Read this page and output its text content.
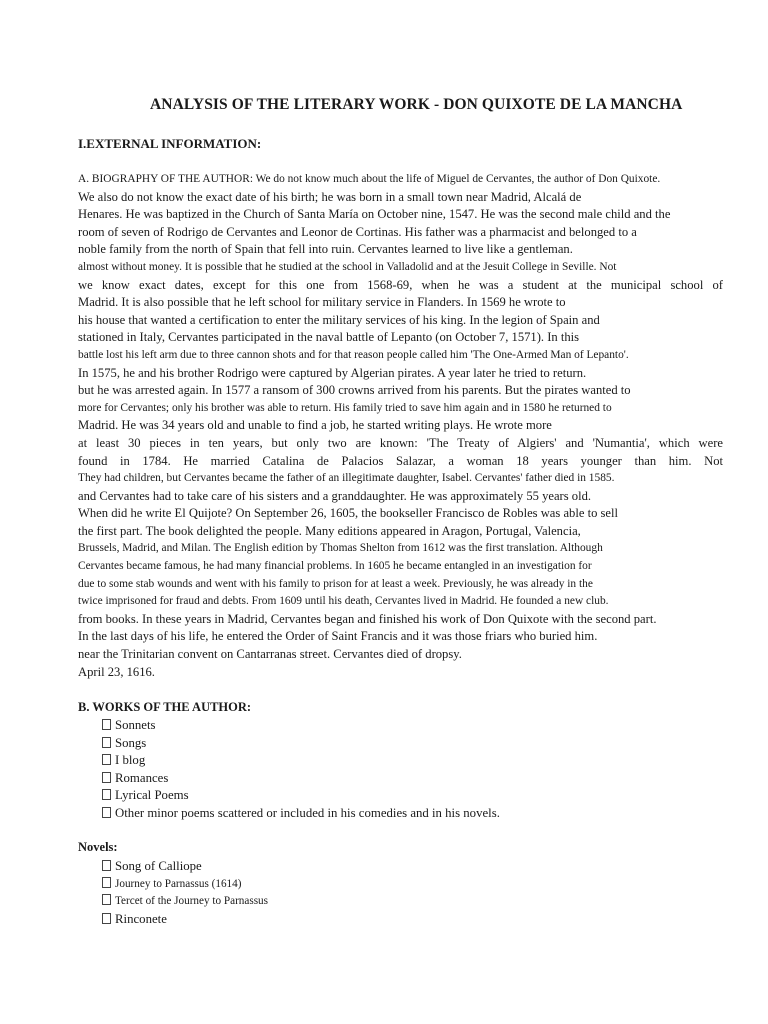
ANALYSIS OF THE LITERARY WORK - DON QUIXOTE DE LA MANCHA
I.EXTERNAL INFORMATION:
A. BIOGRAPHY OF THE AUTHOR: We do not know much about the life of Miguel de Cervantes, the author of Don Quixote.
We also do not know the exact date of his birth; he was born in a small town near Madrid, Alcalá de
Henares. He was baptized in the Church of Santa María on October nine, 1547. He was the second male child and the
room of seven of Rodrigo de Cervantes and Leonor de Cortinas. His father was a pharmacist and belonged to a
noble family from the north of Spain that fell into ruin. Cervantes learned to live like a gentleman.
almost without money. It is possible that he studied at the school in Valladolid and at the Jesuit College in Seville. Not
we know exact dates, except for this one from 1568-69, when he was a student at the municipal school of
Madrid. It is also possible that he left school for military service in Flanders. In 1569 he wrote to
his house that wanted a certification to enter the military services of his king. In the legion of Spain and
stationed in Italy, Cervantes participated in the naval battle of Lepanto (on October 7, 1571). In this
battle lost his left arm due to three cannon shots and for that reason people called him 'The One-Armed Man of Lepanto'.
In 1575, he and his brother Rodrigo were captured by Algerian pirates. A year later he tried to return.
but he was arrested again. In 1577 a ransom of 300 crowns arrived from his parents. But the pirates wanted to
more for Cervantes; only his brother was able to return. His family tried to save him again and in 1580 he returned to
Madrid. He was 34 years old and unable to find a job, he started writing plays. He wrote more
at least 30 pieces in ten years, but only two are known: 'The Treaty of Algiers' and 'Numantia', which were
found in 1784. He married Catalina de Palacios Salazar, a woman 18 years younger than him. Not
They had children, but Cervantes became the father of an illegitimate daughter, Isabel. Cervantes' father died in 1585.
and Cervantes had to take care of his sisters and a granddaughter. He was approximately 55 years old.
When did he write El Quijote? On September 26, 1605, the bookseller Francisco de Robles was able to sell
the first part. The book delighted the people. Many editions appeared in Aragon, Portugal, Valencia,
Brussels, Madrid, and Milan. The English edition by Thomas Shelton from 1612 was the first translation. Although
Cervantes became famous, he had many financial problems. In 1605 he became entangled in an investigation for
due to some stab wounds and went with his family to prison for at least a week. Previously, he was already in the
twice imprisoned for fraud and debts. From 1609 until his death, Cervantes lived in Madrid. He founded a new club.
from books. In these years in Madrid, Cervantes began and finished his work of Don Quixote with the second part.
In the last days of his life, he entered the Order of Saint Francis and it was those friars who buried him.
near the Trinitarian convent on Cantarranas street. Cervantes died of dropsy.
April 23, 1616.
B. WORKS OF THE AUTHOR:
Sonnets
Songs
I blog
Romances
Lyrical Poems
Other minor poems scattered or included in his comedies and in his novels.
Novels:
Song of Calliope
Journey to Parnassus (1614)
Tercet of the Journey to Parnassus
Rinconete
